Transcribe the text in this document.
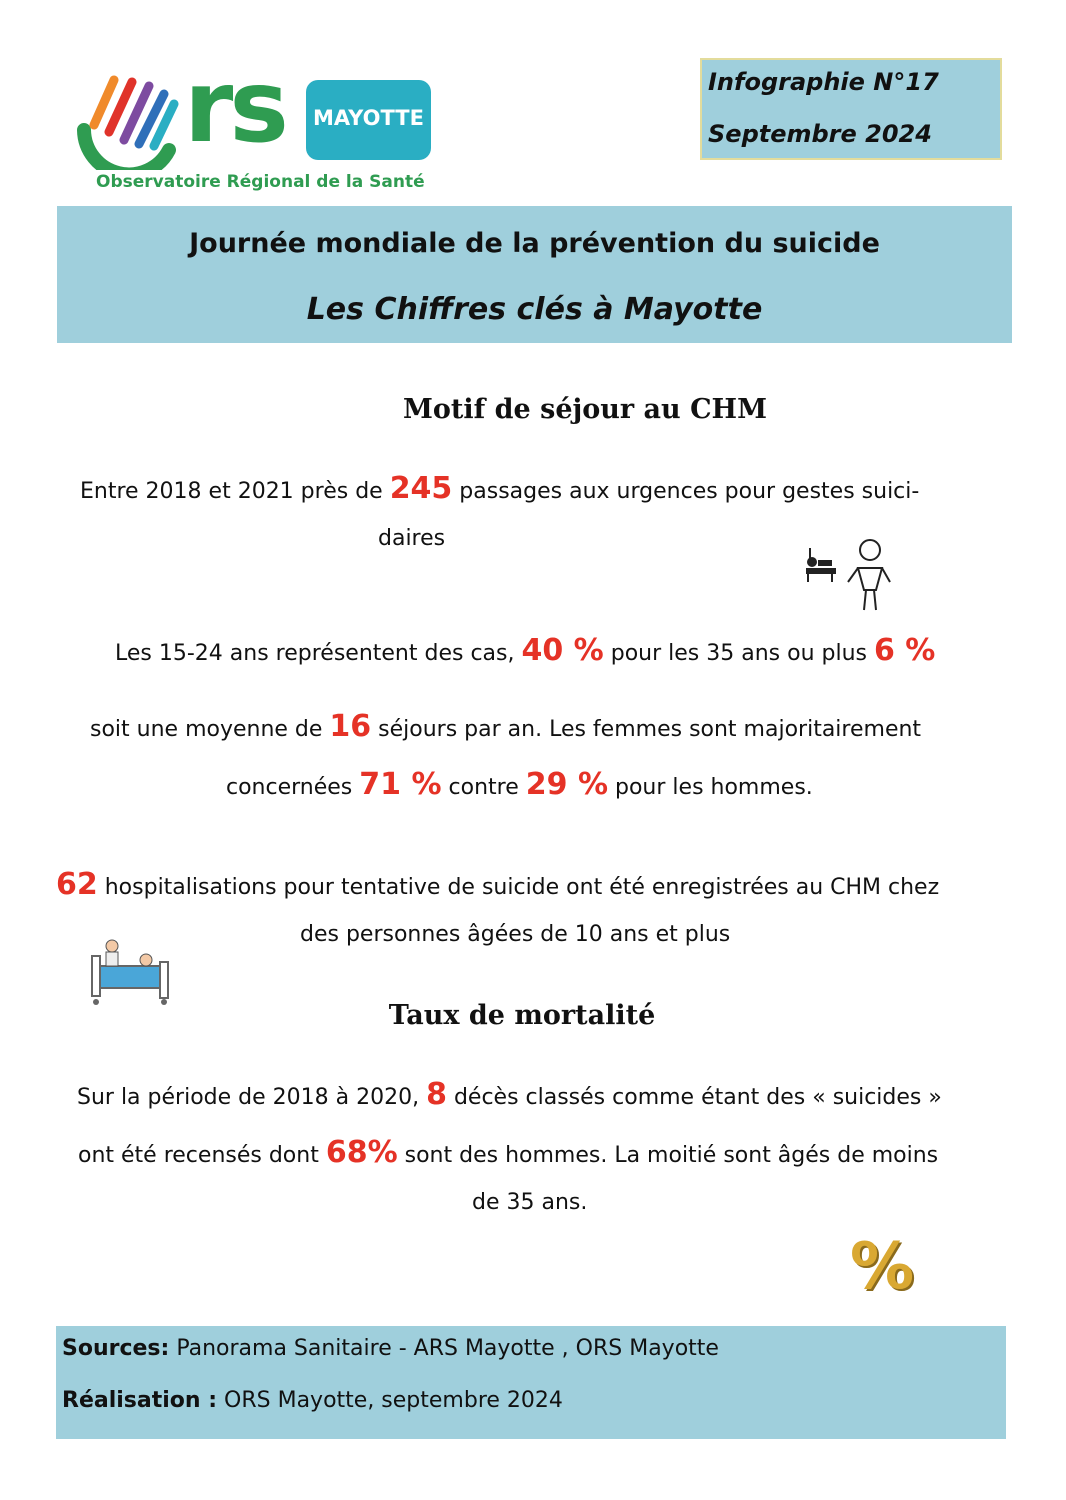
rs	MAYOTTE
Observatoire Régional de la Santé
Infographie N°17
Septembre 2024
Journée mondiale de la prévention du suicide
Les Chiffres clés à Mayotte
Motif de séjour au CHM
Entre 2018 et 2021 près de 245 passages aux urgences pour gestes suici-
daires
Les 15-24 ans représentent des cas, 40 % pour les 35 ans ou plus 6 %
soit une moyenne de 16 séjours par an. Les femmes sont majoritairement
concernées 71 % contre 29 % pour les hommes.
62 hospitalisations pour tentative de suicide ont été enregistrées au CHM chez
des personnes âgées de 10 ans et plus
Taux de mortalité
Sur la période de 2018 à 2020, 8 décès classés comme étant des « suicides »
ont été recensés dont 68% sont des hommes. La moitié sont âgés de moins
de 35 ans.
%
Sources: Panorama Sanitaire - ARS Mayotte , ORS Mayotte
Réalisation : ORS Mayotte, septembre 2024
